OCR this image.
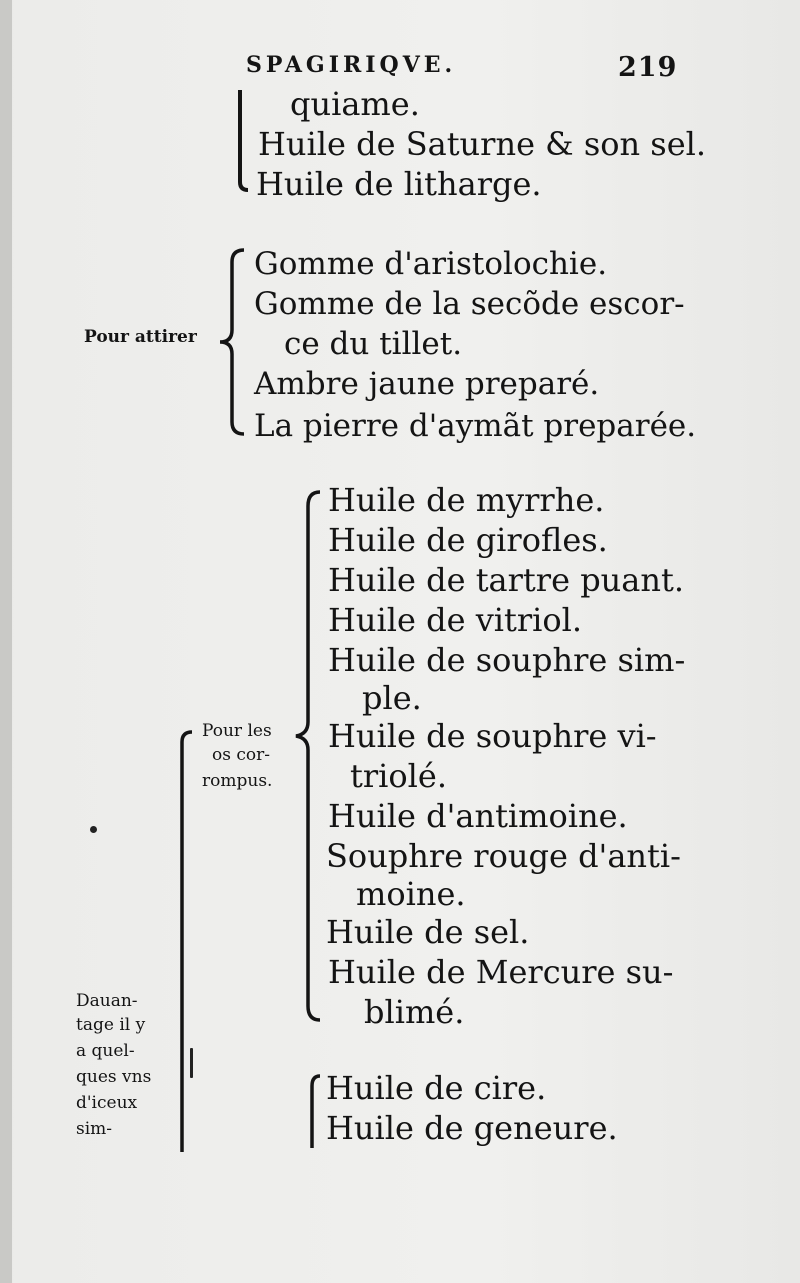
SPAGIRIQVE.	219
quiame.
Huile de Saturne & son sel.
Huile de litharge.
Pour attirer
Gomme d'aristolochie.
Gomme de la secõde escor-
ce du tillet.
Ambre jaune preparé.
La pierre d'aymãt preparée.
Pour les
os cor-
rompus.
Huile de myrrhe.
Huile de girofles.
Huile de tartre puant.
Huile de vitriol.
Huile de souphre sim-
ple.
Huile de souphre vi-
triolé.
Huile d'antimoine.
Souphre rouge d'anti-
moine.
Huile de sel.
Huile de Mercure su-
blimé.
Dauan-
tage il y
a quel-
ques vns
d'iceux
sim-
Huile de cire.
Huile de geneure.
